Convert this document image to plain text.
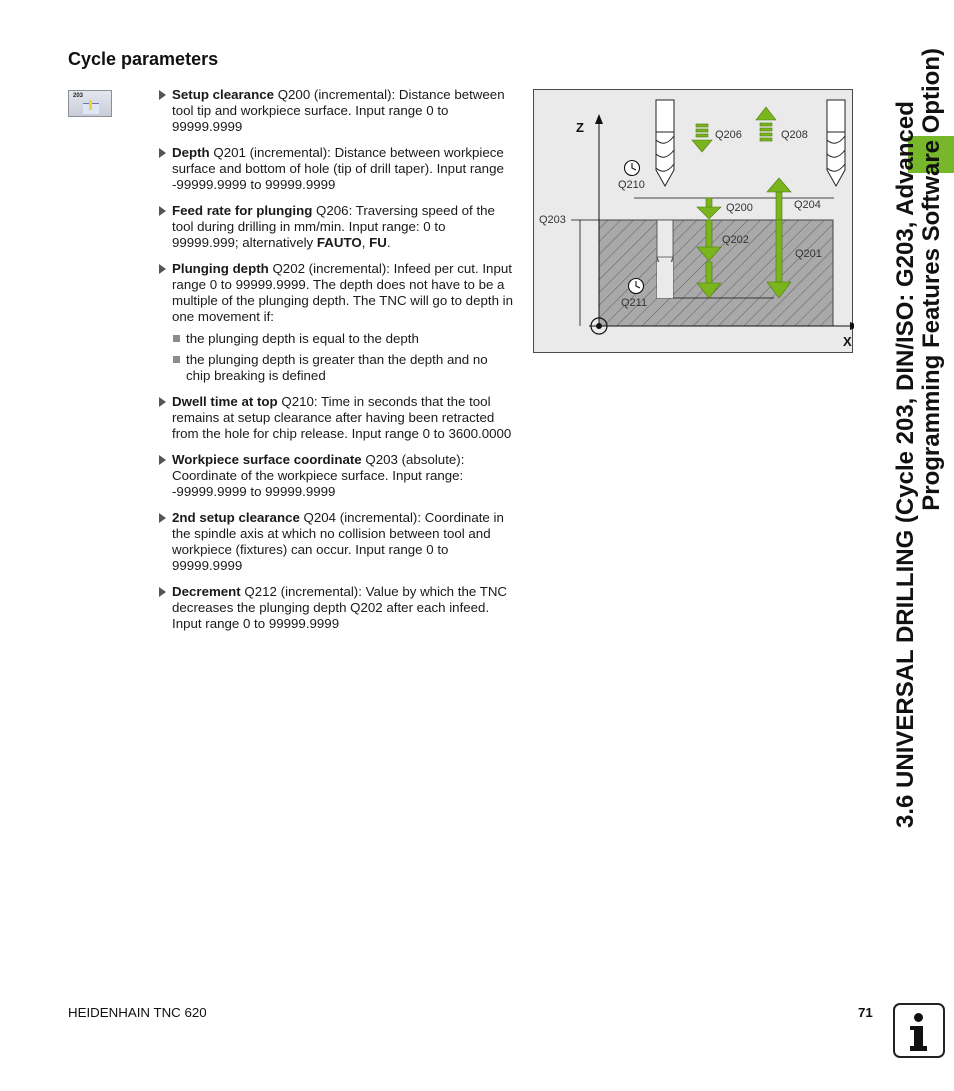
Cycle parameters
203	Setup clearance Q200 (incremental): Distance between tool tip and workpiece surface. Input range 0 to 99999.9999
Depth Q201 (incremental): Distance between workpiece surface and bottom of hole (tip of drill taper). Input range -99999.9999 to 99999.9999
Feed rate for plunging Q206: Traversing speed of the tool during drilling in mm/min. Input range: 0 to 99999.999; alternatively FAUTO, FU.
Plunging depth Q202 (incremental): Infeed per cut. Input range 0 to 99999.9999. The depth does not have to be a multiple of the plunging depth. The TNC will go to depth in one movement if:
the plunging depth is equal to the depth
the plunging depth is greater than the depth and no chip breaking is defined
Dwell time at top Q210: Time in seconds that the tool remains at setup clearance after having been retracted from the hole for chip release. Input range 0 to 3600.0000
Workpiece surface coordinate Q203 (absolute): Coordinate of the workpiece surface. Input range: -99999.9999 to 99999.9999
2nd setup clearance Q204 (incremental): Coordinate in the spindle axis at which no collision between tool and workpiece (fixtures) can occur. Input range 0 to 99999.9999
Decrement Q212 (incremental): Value by which the TNC decreases the plunging depth Q202 after each infeed. Input range 0 to 99999.9999
Z
X
Q206	Q208
Q210
Q200	Q204
Q203
Q202
Q201
Q211	3.6 UNIVERSAL DRILLING (Cycle 203, DIN/ISO: G203, Advanced Programming Features Software Option)
HEIDENHAIN TNC 620	71
